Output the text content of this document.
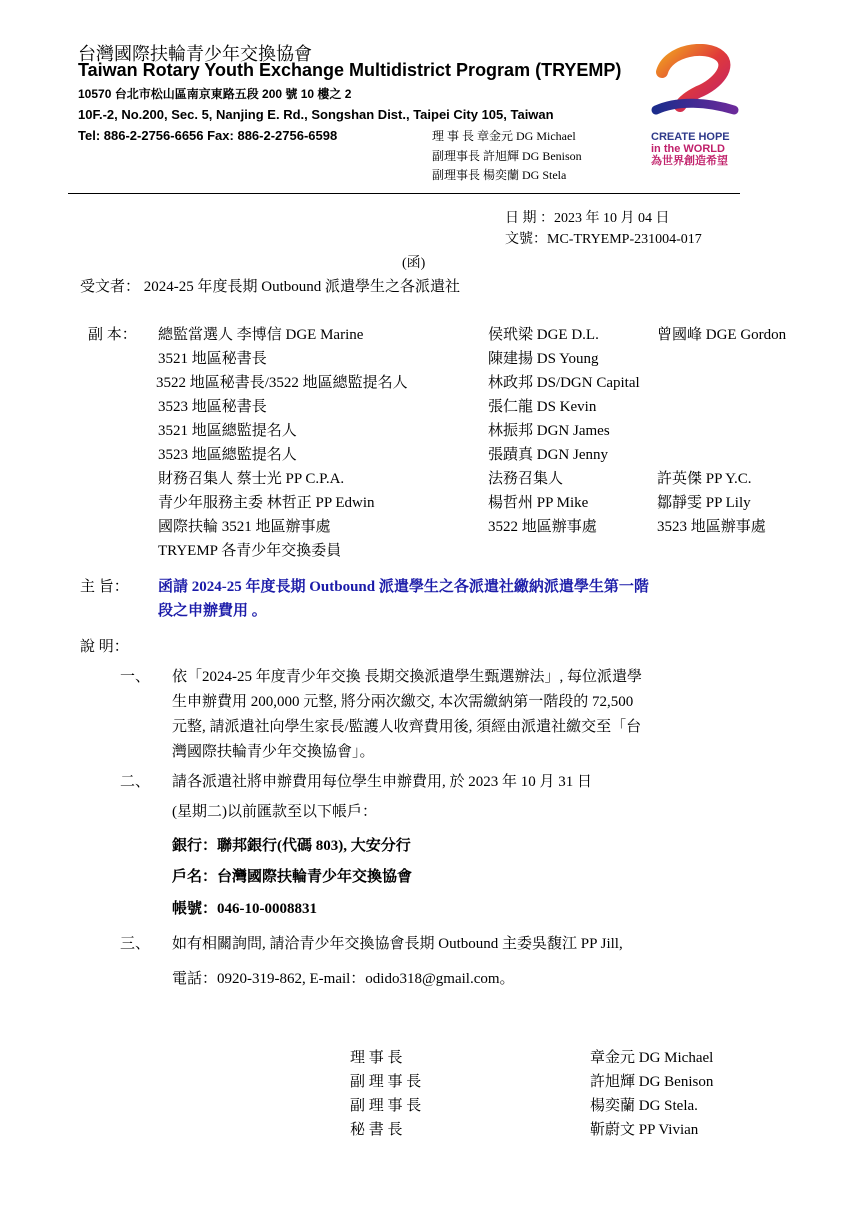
台灣國際扶輪青少年交換協會
Taiwan Rotary Youth Exchange Multidistrict Program (TRYEMP)
10570 台北市松山區南京東路五段 200 號 10 樓之 2
10F.-2, No.200, Sec. 5, Nanjing E. Rd., Songshan Dist., Taipei City 105, Taiwan
Tel: 886-2-2756-6656 Fax: 886-2-2756-6598	理 事 長 章金元 DG Michael
副理事長 許旭輝 DG Benison
副理事長 楊奕蘭 DG Stela
CREATE HOPE
in the WORLD
為世界創造希望
日 期 ：2023 年 10 月 04 日
文號：MC-TRYEMP-231004-017
(函)
受文者： 2024-25 年度長期 Outbound 派遣學生之各派遣社
副 本： 總監當選人 李博信 DGE Marine	侯玳梁 DGE D.L.	曾國峰 DGE Gordon
3521 地區秘書長	陳建揚 DS Young
3522 地區秘書長/3522 地區總監提名人	林政邦 DS/DGN Capital
3523 地區秘書長	張仁龍 DS Kevin
3521 地區總監提名人	林振邦 DGN James
3523 地區總監提名人	張蹟真 DGN Jenny
財務召集人 蔡士光 PP C.P.A.	法務召集人	許英傑 PP Y.C.
青少年服務主委 林哲正 PP Edwin	楊哲州 PP Mike	鄒靜雯 PP Lily
國際扶輪 3521 地區辦事處	3522 地區辦事處	3523 地區辦事處
TRYEMP 各青少年交換委員
主 旨： 函請 2024-25 年度長期 Outbound 派遣學生之各派遣社繳納派遣學生第一階
段之申辦費用 。
說 明：
一、 依「2024-25 年度青少年交換 長期交換派遣學生甄選辦法」, 每位派遣學
生申辦費用 200,000 元整, 將分兩次繳交, 本次需繳納第一階段的 72,500
元整, 請派遣社向學生家長/監護人收齊費用後, 須經由派遣社繳交至「台
灣國際扶輪青少年交換協會」。
二、 請各派遣社將申辦費用每位學生申辦費用, 於 2023 年 10 月 31 日
(星期二)以前匯款至以下帳戶：
銀行：聯邦銀行(代碼 803), 大安分行
戶名：台灣國際扶輪青少年交換協會
帳號：046-10-0008831
三、 如有相關詢問, 請洽青少年交換協會長期 Outbound 主委吳馥江 PP Jill,
電話：0920-319-862, E-mail：odido318@gmail.com。
理 事 長	章金元 DG Michael
副 理 事 長	許旭輝 DG Benison
副 理 事 長	楊奕蘭 DG Stela.
秘 書 長	靳蔚文 PP Vivian
